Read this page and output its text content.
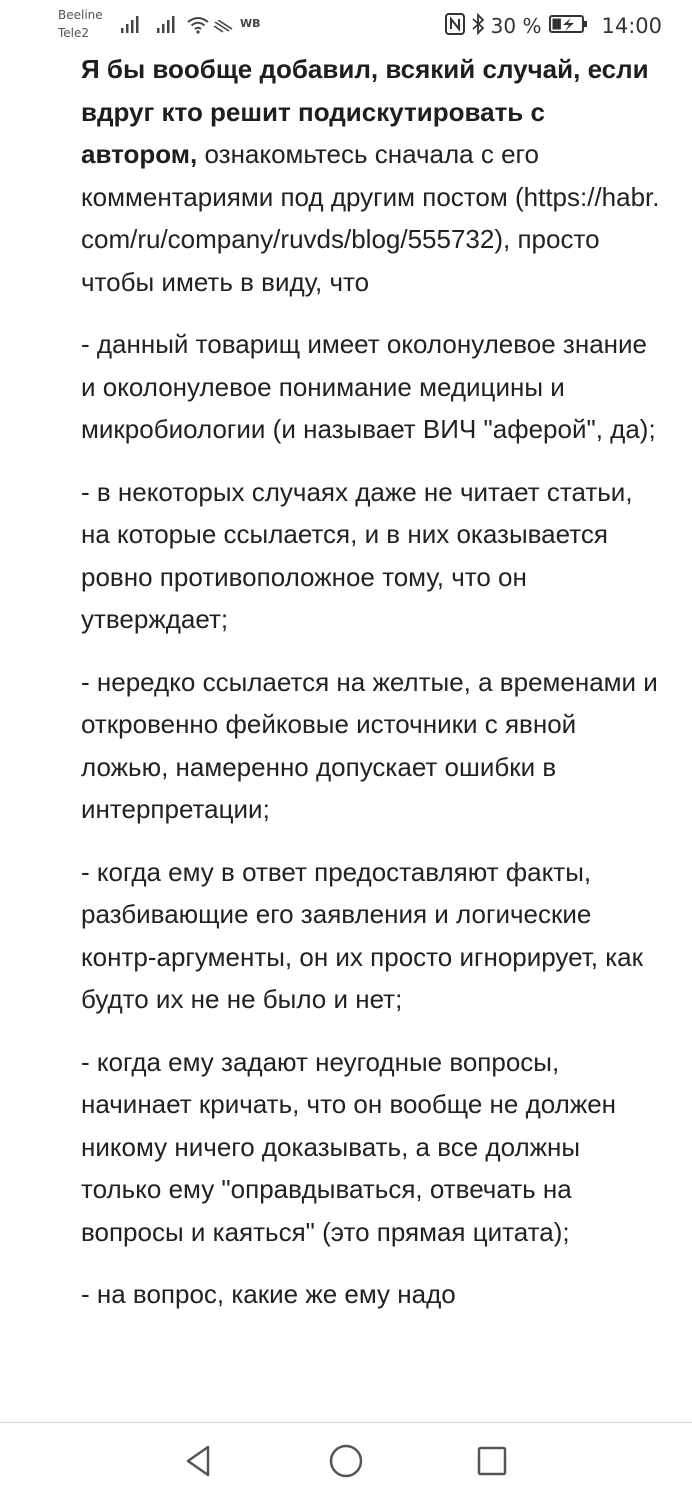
Beeline
Tele2
WB	30 %	14:00

Я бы вообще добавил, всякий случай, если вдруг кто решит подискутировать с автором, ознакомьтесь сначала с его комментариями под другим постом (https://habr.com/ru/company/ruvds/blog/555732), просто чтобы иметь в виду, что

- данный товарищ имеет околонулевое знание и околонулевое понимание медицины и микробиологии (и называет ВИЧ "аферой", да);

- в некоторых случаях даже не читает статьи, на которые ссылается, и в них оказывается ровно противоположное тому, что он утверждает;

- нередко ссылается на желтые, а временами и откровенно фейковые источники с явной ложью, намеренно допускает ошибки в интерпретации;

- когда ему в ответ предоставляют факты, разбивающие его заявления и логические контр-аргументы, он их просто игнорирует, как будто их не не было и нет;

- когда ему задают неугодные вопросы, начинает кричать, что он вообще не должен никому ничего доказывать, а все должны только ему "оправдываться, отвечать на вопросы и каяться" (это прямая цитата);

- на вопрос, какие же ему надо
